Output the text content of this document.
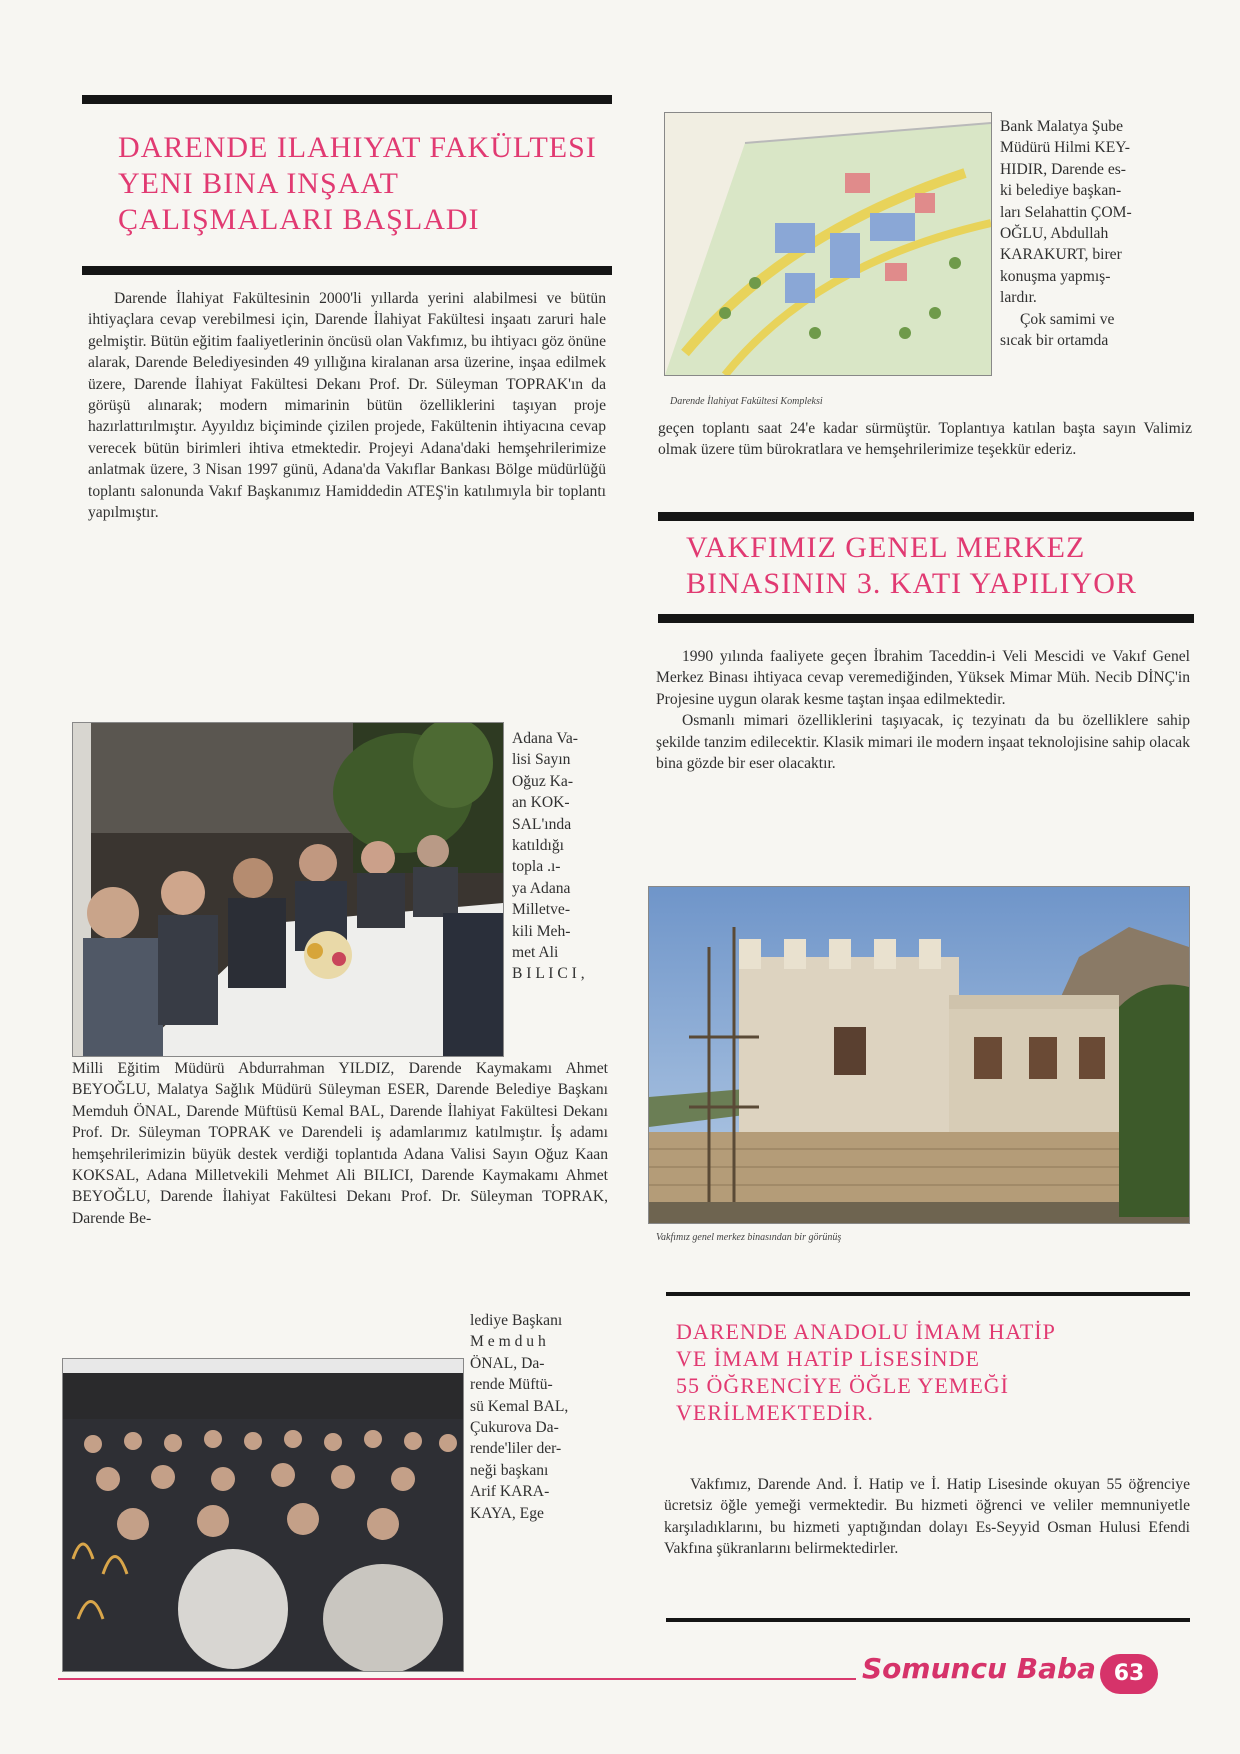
DARENDE ILAHIYAT FAKÜLTESI
YENI BINA INŞAAT
ÇALIŞMALARI BAŞLADI

Darende İlahiyat Fakültesinin 2000'li yıllarda yerini alabilmesi ve bütün ihtiyaçlara cevap verebilmesi için, Darende İlahiyat Fakültesi inşaatı zaruri hale gelmiştir. Bütün eğitim faaliyetlerinin öncüsü olan Vakfımız, bu ihtiyacı göz önüne alarak, Darende Belediyesinden 49 yıllığına kiralanan arsa üzerine, inşaa edilmek üzere, Darende İlahiyat Fakültesi Dekanı Prof. Dr. Süleyman TOPRAK'ın da görüşü alınarak; modern mimarinin bütün özelliklerini taşıyan proje hazırlattırılmıştır. Ayyıldız biçiminde çizilen projede, Fakültenin ihtiyacına cevap verecek bütün birimleri ihtiva etmektedir. Projeyi Adana'daki hemşehrilerimize anlatmak üzere, 3 Nisan 1997 günü, Adana'da Vakıflar Bankası Bölge müdürlüğü toplantı salonunda Vakıf Başkanımız Hamiddedin ATEŞ'in katılımıyla bir toplantı yapılmıştır.

Adana Va-
lisi Sayın
Oğuz Ka-
an KOK-
SAL'ında
katıldığı
topla .ı-
ya Adana
Milletve-
kili Meh-
met Ali
B I L I C I ,

Milli Eğitim Müdürü Abdurrahman YILDIZ, Darende Kaymakamı Ahmet BEYOĞLU, Malatya Sağlık Müdürü Süleyman ESER, Darende Belediye Başkanı Memduh ÖNAL, Darende Müftüsü Kemal BAL, Darende İlahiyat Fakültesi Dekanı Prof. Dr. Süleyman TOPRAK ve Darendeli iş adamlarımız katılmıştır. İş adamı hemşehrilerimizin büyük destek verdiği toplantıda Adana Valisi Sayın Oğuz Kaan KOKSAL, Adana Milletvekili Mehmet Ali BILICI, Darende Kaymakamı Ahmet BEYOĞLU, Darende İlahiyat Fakültesi Dekanı Prof. Dr. Süleyman TOPRAK, Darende Be-

lediye Başkanı
M e m d u h
ÖNAL, Da-
rende Müftü-
sü Kemal BAL,
Çukurova Da-
rende'liler der-
neği başkanı
Arif KARA-
KAYA, Ege
Darende İlahiyat Fakültesi Kompleksi
Bank Malatya Şube
Müdürü Hilmi KEY-
HIDIR, Darende es-
ki belediye başkan-
ları Selahattin ÇOM-
OĞLU, Abdullah
KARAKURT, birer
konuşma yapmış-
lardır.
Çok samimi ve
sıcak bir ortamda

geçen toplantı saat 24'e kadar sürmüştür. Toplantıya katılan başta sayın Valimiz olmak üzere tüm bürokratlara ve hemşehrilerimize teşekkür ederiz.

VAKFIMIZ GENEL MERKEZ
BINASININ 3. KATI YAPILIYOR

1990 yılında faaliyete geçen İbrahim Taceddin-i Veli Mescidi ve Vakıf Genel Merkez Binası ihtiyaca cevap veremediğinden, Yüksek Mimar Müh. Necib DİNÇ'in Projesine uygun olarak kesme taştan inşaa edilmektedir.

Osmanlı mimari özelliklerini taşıyacak, iç tezyinatı da bu özelliklere sahip şekilde tanzim edilecektir. Klasik mimari ile modern inşaat teknolojisine sahip olacak bina gözde bir eser olacaktır.

Vakfımız genel merkez binasından bir görünüş
DARENDE ANADOLU İMAM HATİP
VE İMAM HATİP LİSESİNDE
55 ÖĞRENCİYE ÖĞLE YEMEĞİ
VERİLMEKTEDİR.

Vakfımız, Darende And. İ. Hatip ve İ. Hatip Lisesinde okuyan 55 öğrenciye ücretsiz öğle yemeği vermektedir. Bu hizmeti öğrenci ve veliler memnuniyetle karşıladıklarını, bu hizmeti yaptığından dolayı Es-Seyyid Osman Hulusi Efendi Vakfına şükranlarını belirmektedirler.

Somuncu Baba 63
